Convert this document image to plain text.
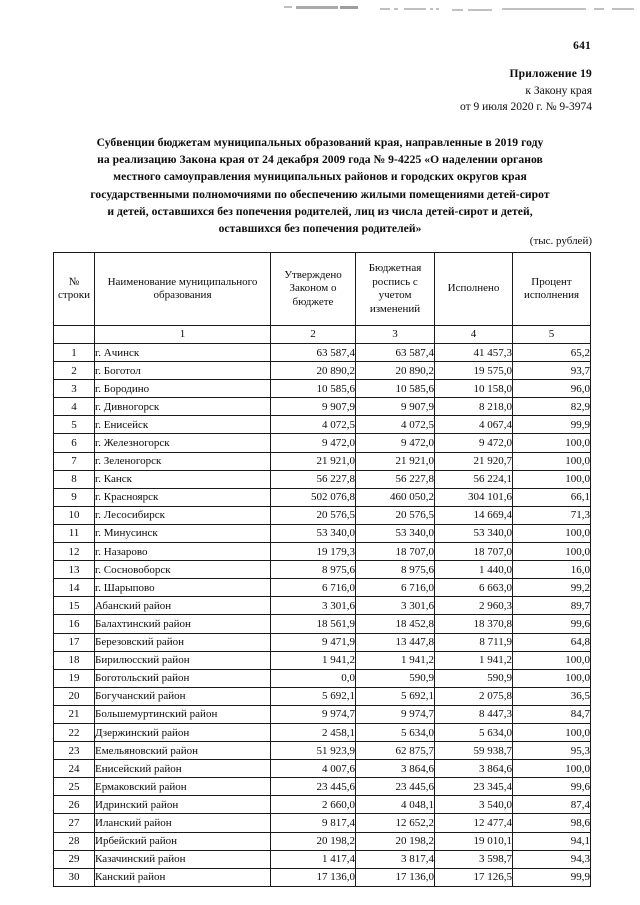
641
Приложение 19
к Закону края
от 9 июля 2020 г. № 9-3974
Субвенции бюджетам муниципальных образований края, направленные в 2019 году
на реализацию Закона края от 24 декабря 2009 года № 9-4225 «О наделении органов
местного самоуправления муниципальных районов и городских округов края
государственными полномочиями по обеспечению жилыми помещениями детей-сирот
и детей, оставшихся без попечения родителей, лиц из числа детей-сирот и детей,
оставшихся без попечения родителей»
(тыс. рублей)
№
строки	Наименование муниципального
образования	Утверждено
Законом о
бюджете	Бюджетная
роспись с
учетом
изменений	Исполнено	Процент
исполнения
	1	2	3	4	5
1	г. Ачинск	63 587,4	63 587,4	41 457,3	65,2
2	г. Боготол	20 890,2	20 890,2	19 575,0	93,7
3	г. Бородино	10 585,6	10 585,6	10 158,0	96,0
4	г. Дивногорск	9 907,9	9 907,9	8 218,0	82,9
5	г. Енисейск	4 072,5	4 072,5	4 067,4	99,9
6	г. Железногорск	9 472,0	9 472,0	9 472,0	100,0
7	г. Зеленогорск	21 921,0	21 921,0	21 920,7	100,0
8	г. Канск	56 227,8	56 227,8	56 224,1	100,0
9	г. Красноярск	502 076,8	460 050,2	304 101,6	66,1
10	г. Лесосибирск	20 576,5	20 576,5	14 669,4	71,3
11	г. Минусинск	53 340,0	53 340,0	53 340,0	100,0
12	г. Назарово	19 179,3	18 707,0	18 707,0	100,0
13	г. Сосновоборск	8 975,6	8 975,6	1 440,0	16,0
14	г. Шарыпово	6 716,0	6 716,0	6 663,0	99,2
15	Абанский район	3 301,6	3 301,6	2 960,3	89,7
16	Балахтинский район	18 561,9	18 452,8	18 370,8	99,6
17	Березовский район	9 471,9	13 447,8	8 711,9	64,8
18	Бирилюсский район	1 941,2	1 941,2	1 941,2	100,0
19	Боготольский район	0,0	590,9	590,9	100,0
20	Богучанский район	5 692,1	5 692,1	2 075,8	36,5
21	Большемуртинский район	9 974,7	9 974,7	8 447,3	84,7
22	Дзержинский район	2 458,1	5 634,0	5 634,0	100,0
23	Емельяновский район	51 923,9	62 875,7	59 938,7	95,3
24	Енисейский район	4 007,6	3 864,6	3 864,6	100,0
25	Ермаковский район	23 445,6	23 445,6	23 345,4	99,6
26	Идринский район	2 660,0	4 048,1	3 540,0	87,4
27	Иланский район	9 817,4	12 652,2	12 477,4	98,6
28	Ирбейский район	20 198,2	20 198,2	19 010,1	94,1
29	Казачинский район	1 417,4	3 817,4	3 598,7	94,3
30	Канский район	17 136,0	17 136,0	17 126,5	99,9
